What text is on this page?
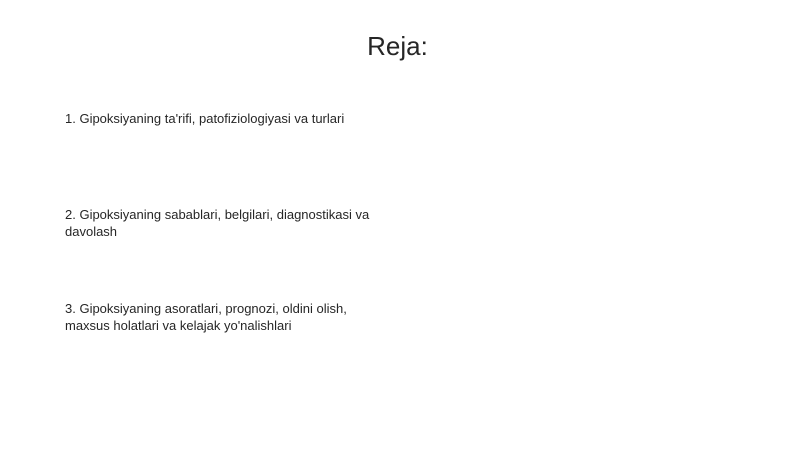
Reja:
1. Gipoksiyaning ta'rifi, patofiziologiyasi va turlari
2. Gipoksiyaning sabablari, belgilari, diagnostikasi va davolash
3. Gipoksiyaning asoratlari, prognozi, oldini olish, maxsus holatlari va kelajak yo'nalishlari
